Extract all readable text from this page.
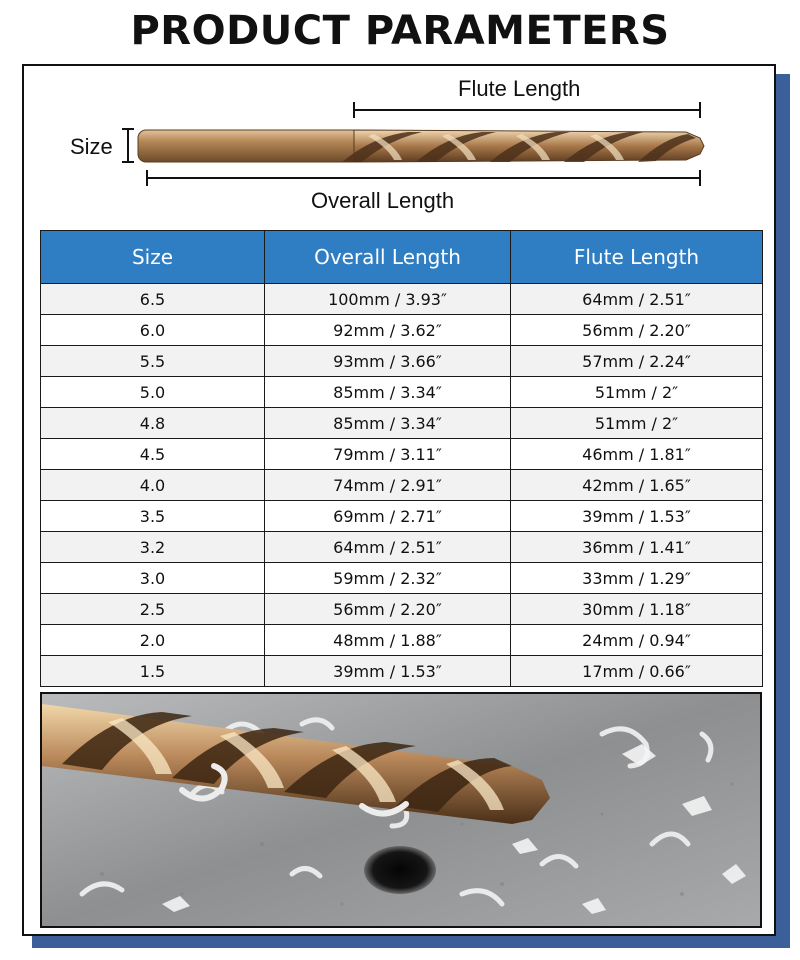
PRODUCT PARAMETERS
Flute Length
Size
Overall Length
Size	Overall Length	Flute Length
6.5	100mm / 3.93″	64mm / 2.51″
6.0	92mm / 3.62″	56mm / 2.20″
5.5	93mm / 3.66″	57mm / 2.24″
5.0	85mm / 3.34″	51mm / 2″
4.8	85mm / 3.34″	51mm / 2″
4.5	79mm / 3.11″	46mm / 1.81″
4.0	74mm / 2.91″	42mm / 1.65″
3.5	69mm / 2.71″	39mm / 1.53″
3.2	64mm / 2.51″	36mm / 1.41″
3.0	59mm / 2.32″	33mm / 1.29″
2.5	56mm / 2.20″	30mm / 1.18″
2.0	48mm / 1.88″	24mm / 0.94″
1.5	39mm / 1.53″	17mm / 0.66″
